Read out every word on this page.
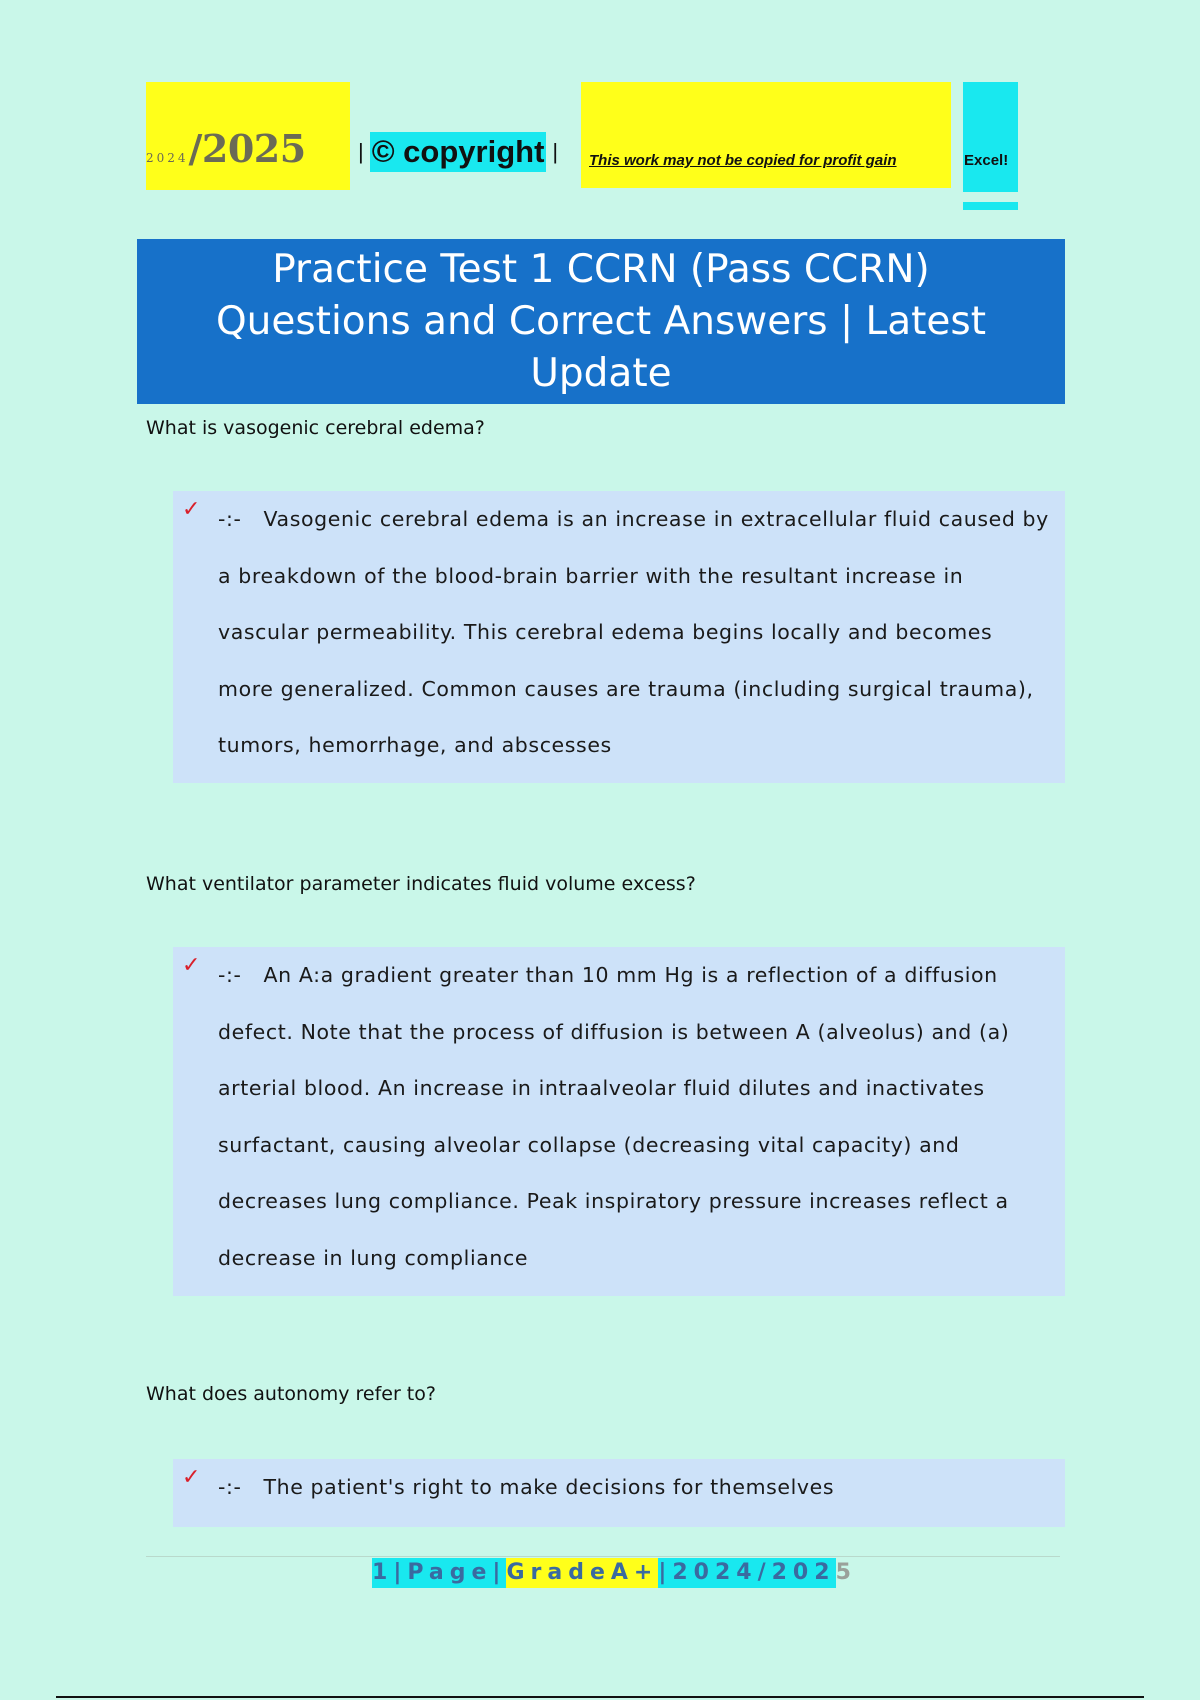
2024/2025	| © copyright |	This work may not be copied for profit gain	Excel!
Practice Test 1 CCRN (Pass CCRN)
Questions and Correct Answers | Latest
Update
What is vasogenic cerebral edema?
✓ -:- Vasogenic cerebral edema is an increase in extracellular fluid caused by a breakdown of the blood-brain barrier with the resultant increase in vascular permeability. This cerebral edema begins locally and becomes more generalized. Common causes are trauma (including surgical trauma), tumors, hemorrhage, and abscesses

What ventilator parameter indicates fluid volume excess?
✓ -:- An A:a gradient greater than 10 mm Hg is a reflection of a diffusion defect. Note that the process of diffusion is between A (alveolus) and (a) arterial blood. An increase in intraalveolar fluid dilutes and inactivates surfactant, causing alveolar collapse (decreasing vital capacity) and decreases lung compliance. Peak inspiratory pressure increases reflect a decrease in lung compliance

What does autonomy refer to?
✓ -:- The patient's right to make decisions for themselves

1 |Page| GradeA+ |2024/202 5
